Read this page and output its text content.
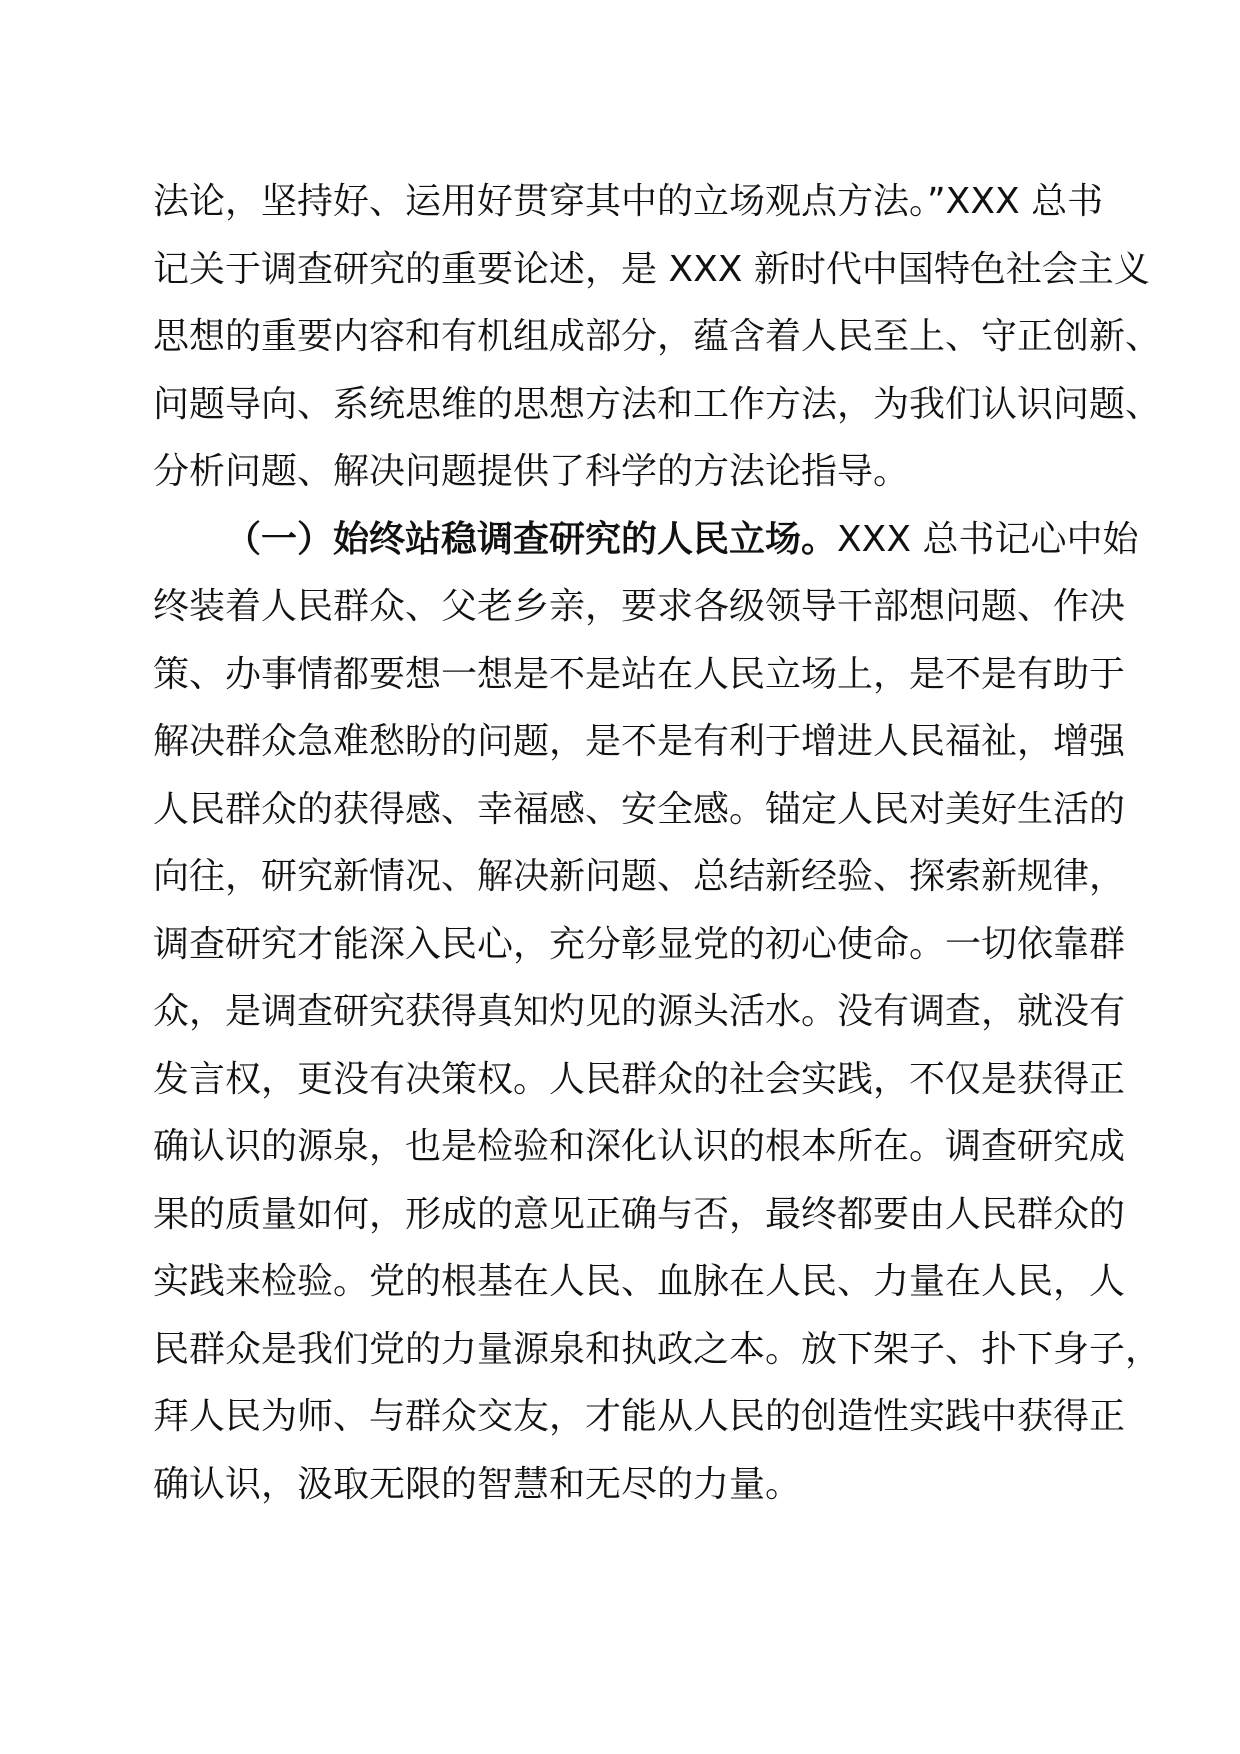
法论，坚持好、运用好贯穿其中的立场观点方法。”XXX 总书
记关于调查研究的重要论述，是 XXX 新时代中国特色社会主义
思想的重要内容和有机组成部分，蕴含着人民至上、守正创新、
问题导向、系统思维的思想方法和工作方法，为我们认识问题、
分析问题、解决问题提供了科学的方法论指导。
（一）始终站稳调查研究的人民立场。XXX 总书记心中始
终装着人民群众、父老乡亲，要求各级领导干部想问题、作决
策、办事情都要想一想是不是站在人民立场上，是不是有助于
解决群众急难愁盼的问题，是不是有利于增进人民福祉，增强
人民群众的获得感、幸福感、安全感。锚定人民对美好生活的
向往，研究新情况、解决新问题、总结新经验、探索新规律，
调查研究才能深入民心，充分彰显党的初心使命。一切依靠群
众，是调查研究获得真知灼见的源头活水。没有调查，就没有
发言权，更没有决策权。人民群众的社会实践，不仅是获得正
确认识的源泉，也是检验和深化认识的根本所在。调查研究成
果的质量如何，形成的意见正确与否，最终都要由人民群众的
实践来检验。党的根基在人民、血脉在人民、力量在人民，人
民群众是我们党的力量源泉和执政之本。放下架子、扑下身子，
拜人民为师、与群众交友，才能从人民的创造性实践中获得正
确认识，汲取无限的智慧和无尽的力量。
